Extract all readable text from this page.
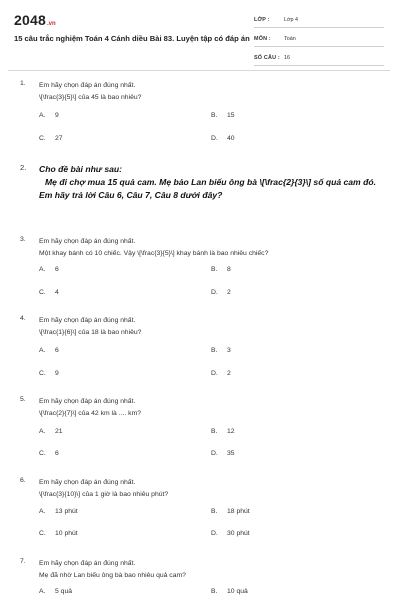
2048.vn
15 câu trắc nghiệm Toán 4 Cánh diều Bài 83. Luyện tập có đáp án
LỚP :	Lớp 4
MÔN :	Toán
SỐ CÂU : 16
1. Em hãy chọn đáp án đúng nhất.
\[\frac{3}{5}\] của 45 là bao nhiêu?
A. 9	B. 15
C. 27	D. 40
2. Cho đề bài như sau:
Mẹ đi chợ mua 15 quả cam. Mẹ bảo Lan biếu ông bà \[\frac{2}{3}\] số quả cam đó.
Em hãy trả lời Câu 6, Câu 7, Câu 8 dưới đây?
3. Em hãy chọn đáp án đúng nhất.
Một khay bánh có 10 chiếc. Vậy \[\frac{3}{5}\] khay bánh là bao nhiêu chiếc?
A. 6	B. 8
C. 4	D. 2
4. Em hãy chọn đáp án đúng nhất.
\[\frac{1}{6}\] của 18 là bao nhiêu?
A. 6	B. 3
C. 9	D. 2
5. Em hãy chọn đáp án đúng nhất.
\[\frac{2}{7}\] của 42 km là .... km?
A. 21	B. 12
C. 6	D. 35
6. Em hãy chọn đáp án đúng nhất.
\[\frac{3}{10}\] của 1 giờ là bao nhiêu phút?
A. 13 phút	B. 18 phút
C. 10 phút	D. 30 phút
7. Em hãy chọn đáp án đúng nhất.
Mẹ đã nhờ Lan biếu ông bà bao nhiêu quả cam?
A. 5 quả	B. 10 quả
